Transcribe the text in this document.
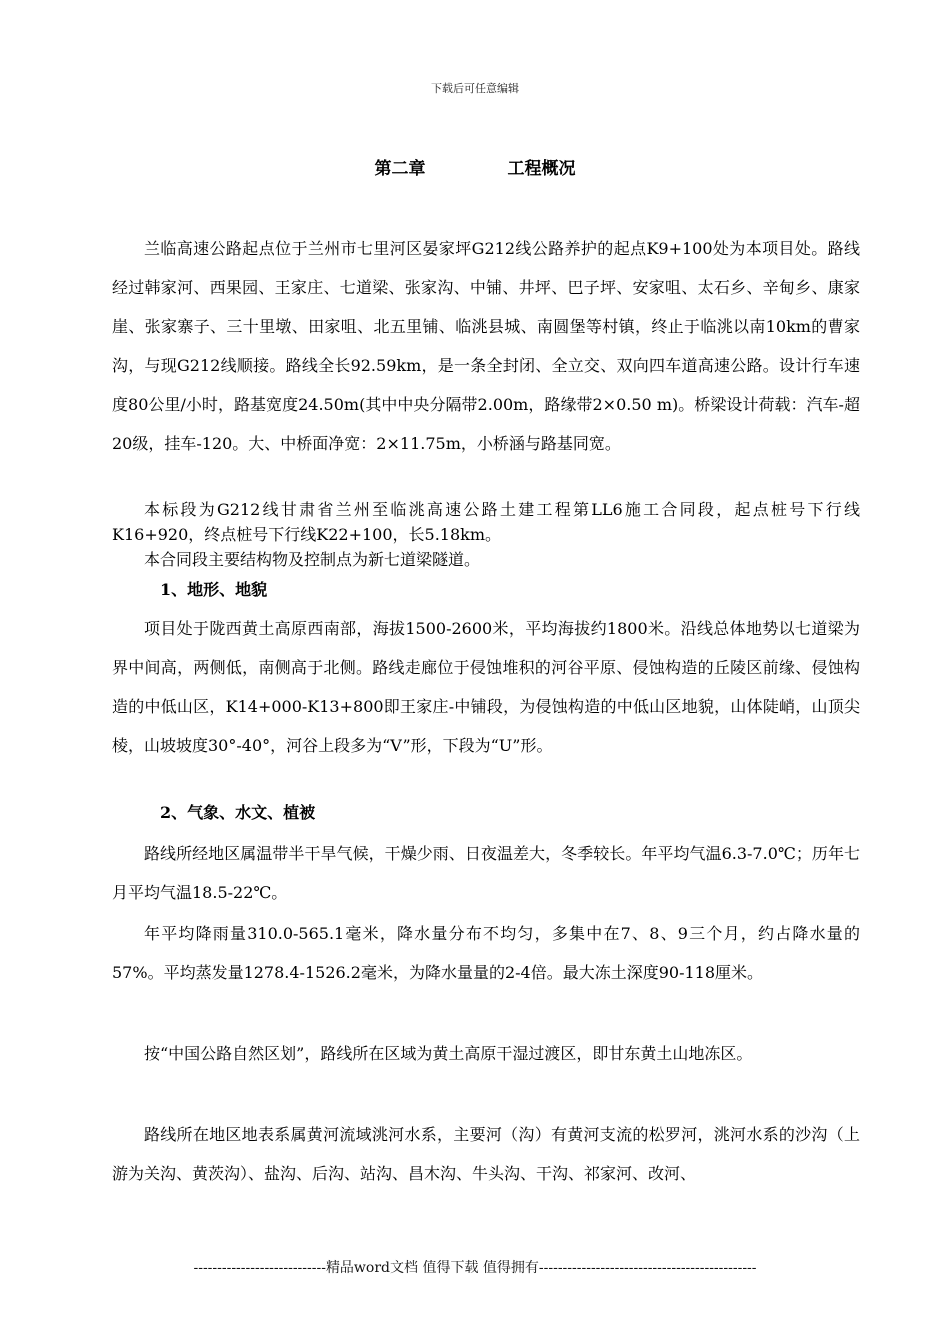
下载后可任意编辑
第二章	工程概况

兰临高速公路起点位于兰州市七里河区晏家坪G212线公路养护的起点K9+100处为本项目处。路线经过韩家河、西果园、王家庄、七道梁、张家沟、中铺、井坪、巴子坪、安家咀、太石乡、辛甸乡、康家崖、张家寨子、三十里墩、田家咀、北五里铺、临洮县城、南圆堡等村镇，终止于临洮以南10km的曹家沟，与现G212线顺接。路线全长92.59km，是一条全封闭、全立交、双向四车道高速公路。设计行车速度80公里/小时，路基宽度24.50m(其中中央分隔带2.00m，路缘带2×0.50 m)。桥梁设计荷载：汽车-超20级，挂车-120。大、中桥面净宽：2×11.75m，小桥涵与路基同宽。

本标段为G212线甘肃省兰州至临洮高速公路土建工程第LL6施工合同段，起点桩号下行线K16+920，终点桩号下行线K22+100，长5.18km。

本合同段主要结构物及控制点为新七道梁隧道。

1、地形、地貌

项目处于陇西黄土高原西南部，海拔1500-2600米，平均海拔约1800米。沿线总体地势以七道梁为界中间高，两侧低，南侧高于北侧。路线走廊位于侵蚀堆积的河谷平原、侵蚀构造的丘陵区前缘、侵蚀构造的中低山区，K14+000-K13+800即王家庄-中铺段，为侵蚀构造的中低山区地貌，山体陡峭，山顶尖棱，山坡坡度30°-40°，河谷上段多为“V”形，下段为“U”形。

2、气象、水文、植被

路线所经地区属温带半干旱气候，干燥少雨、日夜温差大，冬季较长。年平均气温6.3-7.0℃；历年七月平均气温18.5-22℃。

年平均降雨量310.0-565.1毫米，降水量分布不均匀，多集中在7、8、9三个月，约占降水量的57%。平均蒸发量1278.4-1526.2毫米，为降水量量的2-4倍。最大冻土深度90-118厘米。

按“中国公路自然区划”，路线所在区域为黄土高原干湿过渡区，即甘东黄土山地冻区。

路线所在地区地表系属黄河流域洮河水系，主要河（沟）有黄河支流的松罗河，洮河水系的沙沟（上游为关沟、黄茨沟）、盐沟、后沟、站沟、昌木沟、牛头沟、干沟、祁家河、改河、

----------------------------精品word文档 值得下载 值得拥有----------------------------------------------
